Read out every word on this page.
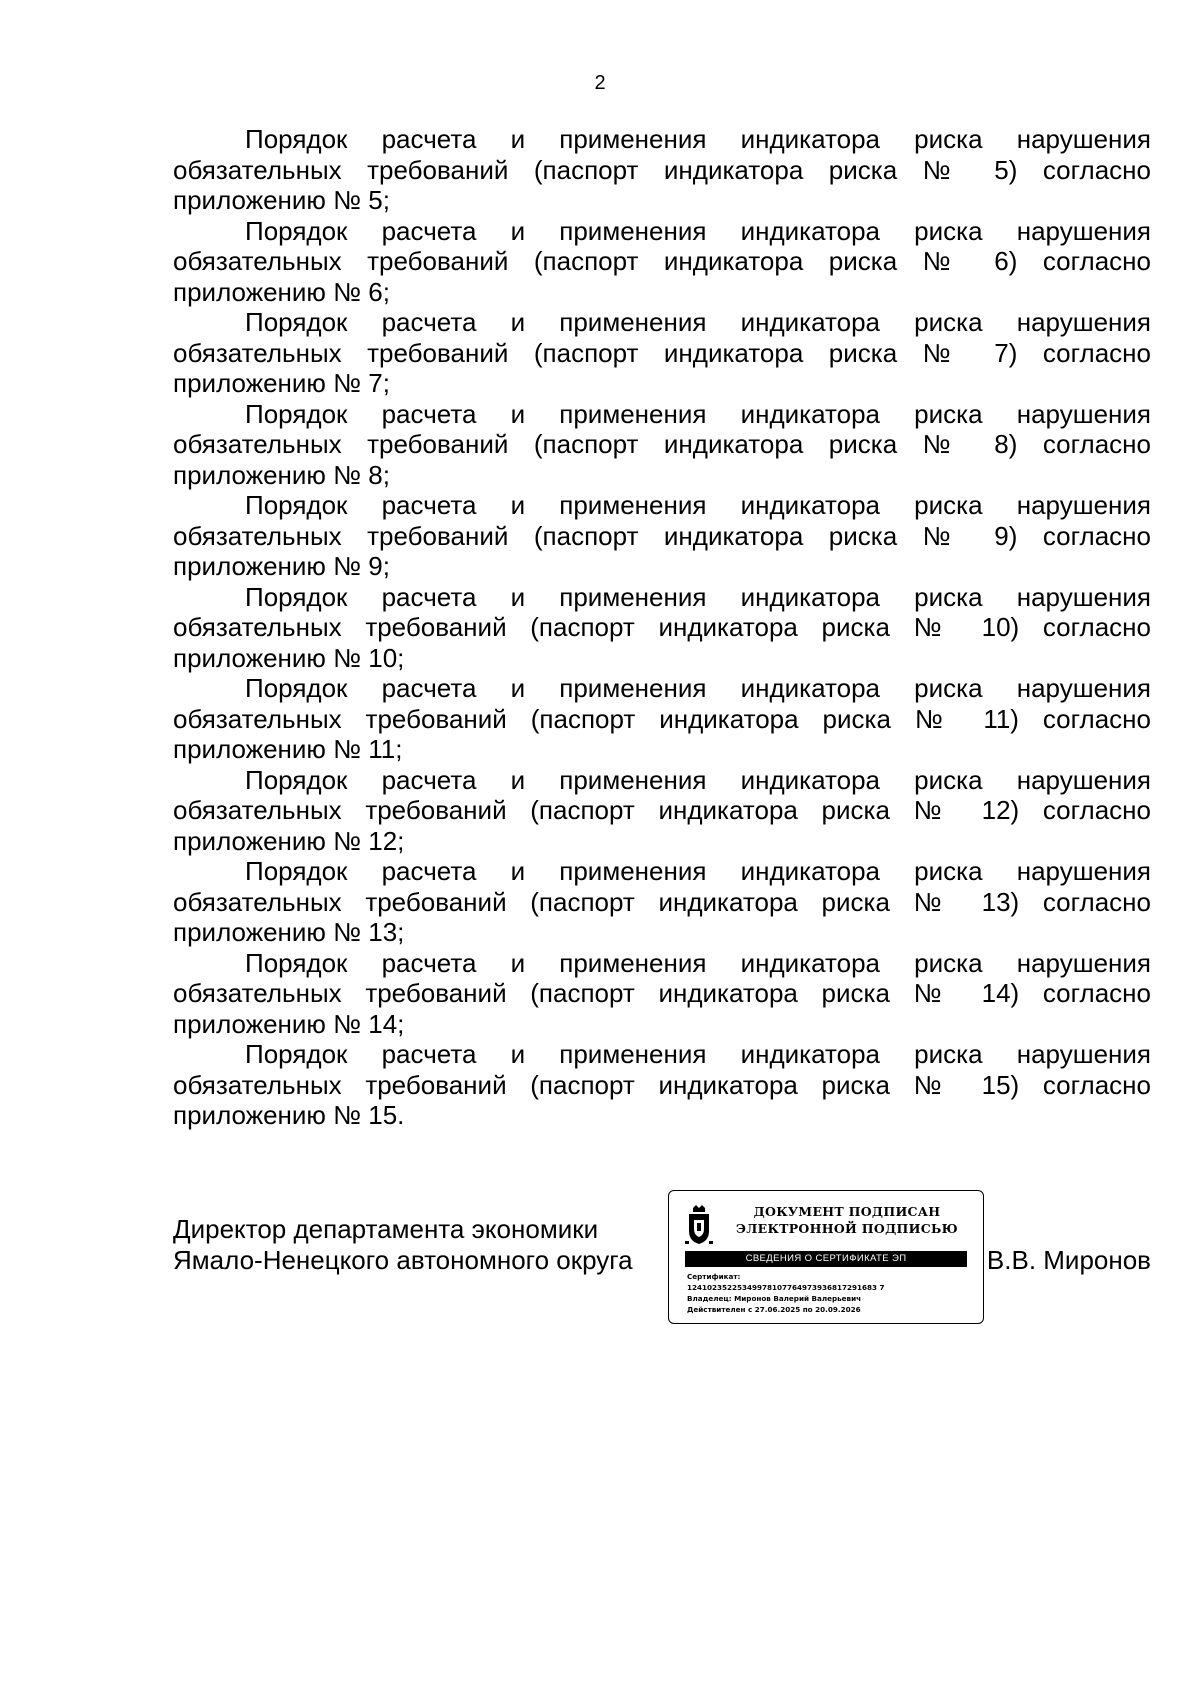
2

Порядок расчета и применения индикатора риска нарушения обязательных требований (паспорт индикатора риска № 5) согласно приложению № 5;

Порядок расчета и применения индикатора риска нарушения обязательных требований (паспорт индикатора риска № 6) согласно приложению № 6;

Порядок расчета и применения индикатора риска нарушения обязательных требований (паспорт индикатора риска № 7) согласно приложению № 7;

Порядок расчета и применения индикатора риска нарушения обязательных требований (паспорт индикатора риска № 8) согласно приложению № 8;

Порядок расчета и применения индикатора риска нарушения обязательных требований (паспорт индикатора риска № 9) согласно приложению № 9;

Порядок расчета и применения индикатора риска нарушения обязательных требований (паспорт индикатора риска № 10) согласно приложению № 10;

Порядок расчета и применения индикатора риска нарушения обязательных требований (паспорт индикатора риска № 11) согласно приложению № 11;

Порядок расчета и применения индикатора риска нарушения обязательных требований (паспорт индикатора риска № 12) согласно приложению № 12;

Порядок расчета и применения индикатора риска нарушения обязательных требований (паспорт индикатора риска № 13) согласно приложению № 13;

Порядок расчета и применения индикатора риска нарушения обязательных требований (паспорт индикатора риска № 14) согласно приложению № 14;

Порядок расчета и применения индикатора риска нарушения обязательных требований (паспорт индикатора риска № 15) согласно приложению № 15.

Директор департамента экономики
Ямало-Ненецкого автономного округа
ДОКУМЕНТ ПОДПИСАН
ЭЛЕКТРОННОЙ ПОДПИСЬЮ
СВЕДЕНИЯ О СЕРТИФИКАТЕ ЭП
Сертификат:
12410235225349978107764973936817291683 7
Владелец: Миронов Валерий Валерьевич
Действителен с 27.06.2025 по 20.09.2026
В.В. Миронов
